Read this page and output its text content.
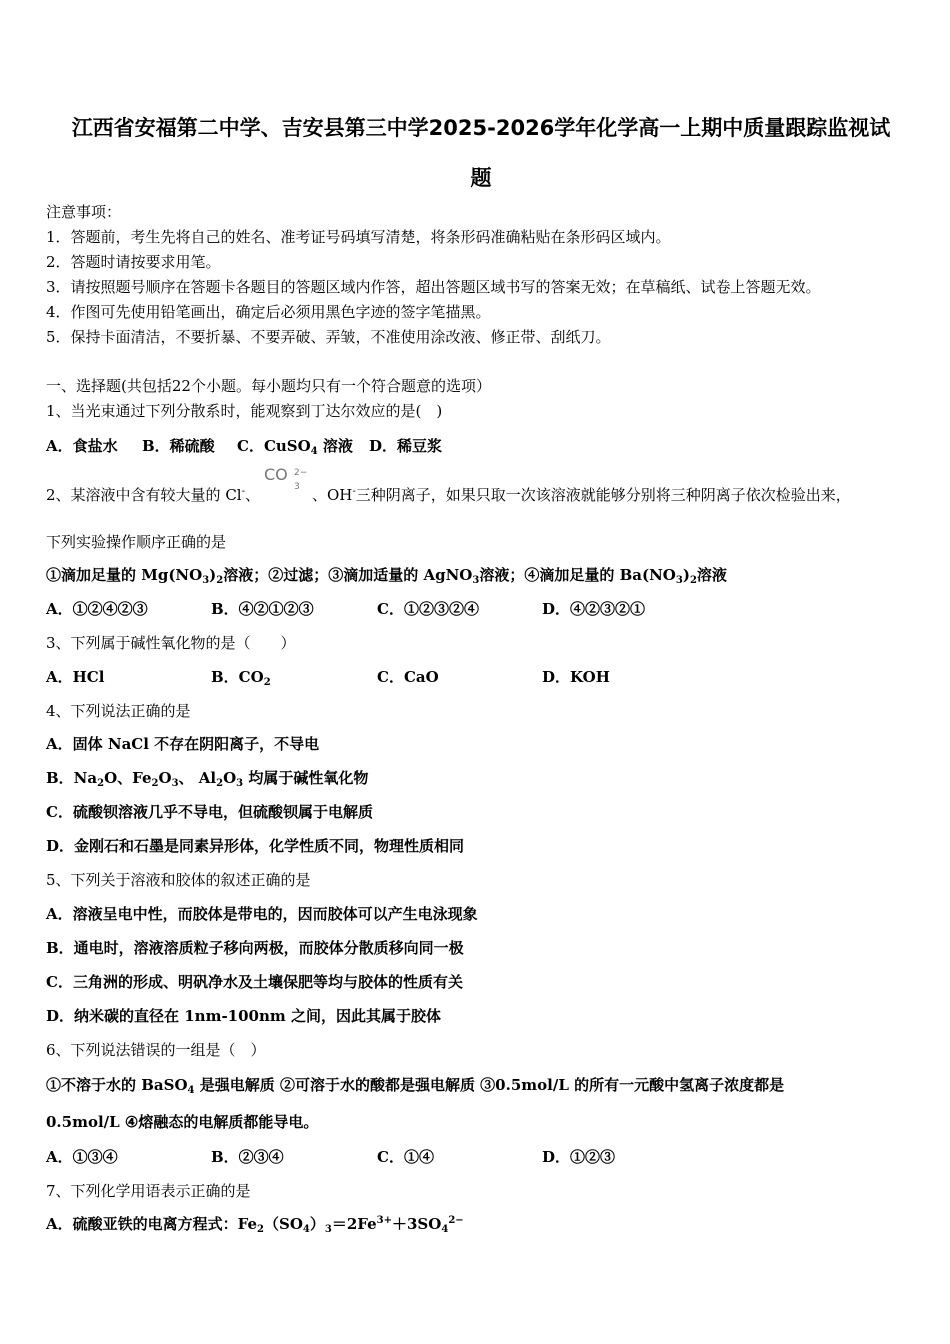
江西省安福第二中学、吉安县第三中学2025-2026学年化学高一上期中质量跟踪监视试
题
注意事项：
1．答题前，考生先将自己的姓名、准考证号码填写清楚，将条形码准确粘贴在条形码区域内。
2．答题时请按要求用笔。
3．请按照题号顺序在答题卡各题目的答题区域内作答，超出答题区域书写的答案无效；在草稿纸、试卷上答题无效。
4．作图可先使用铅笔画出，确定后必须用黑色字迹的签字笔描黑。
5．保持卡面清洁，不要折暴、不要弄破、弄皱，不准使用涂改液、修正带、刮纸刀。
一、选择题(共包括22个小题。每小题均只有一个符合题意的选项）
1、当光束通过下列分散系时，能观察到丁达尔效应的是(　)
A．食盐水 B．稀硫酸 C．CuSO$_4$ 溶液 D．稀豆浆
2、某溶液中含有较大量的 Cl-、
CO 2−
3 、OH-三种阴离子，如果只取一次该溶液就能够分别将三种阴离子依次检验出来，
下列实验操作顺序正确的是
①滴加足量的 $Mg(NO_3)_2$溶液；②过滤；③滴加适量的 AgNO$_3$溶液；④滴加足量的 $Ba(NO_3)_2$溶液
A．①②④②③	B．④②①②③	C．①②③②④	D．④②③②①
3、下列属于碱性氧化物的是（　　）
A．HCl	B．$CO_2$	C．CaO	D．KOH
4、下列说法正确的是
A．固体 NaCl 不存在阴阳离子，不导电
B．$Na_2O$、$Fe_2O_3$、 $Al_2O_3$ 均属于碱性氧化物
C．硫酸钡溶液几乎不导电，但硫酸钡属于电解质
D．金刚石和石墨是同素异形体，化学性质不同，物理性质相同
5、下列关于溶液和胶体的叙述正确的是
A．溶液呈电中性，而胶体是带电的，因而胶体可以产生电泳现象
B．通电时，溶液溶质粒子移向两极，而胶体分散质移向同一极
C．三角洲的形成、明矾净水及土壤保肥等均与胶体的性质有关
D．纳米碳的直径在 1nm-100nm 之间，因此其属于胶体
6、下列说法错误的一组是（　）
①不溶于水的 BaSO$_4$ 是强电解质 ②可溶于水的酸都是强电解质 ③0.5mol/L 的所有一元酸中氢离子浓度都是
0.5mol/L ④熔融态的电解质都能导电。
A．①③④	B．②③④	C．①④	D．①②③
7、下列化学用语表示正确的是
A．硫酸亚铁的电离方程式：$Fe_2(SO_4)_3=2Fe^{3+}+3SO_4^{2-}$
